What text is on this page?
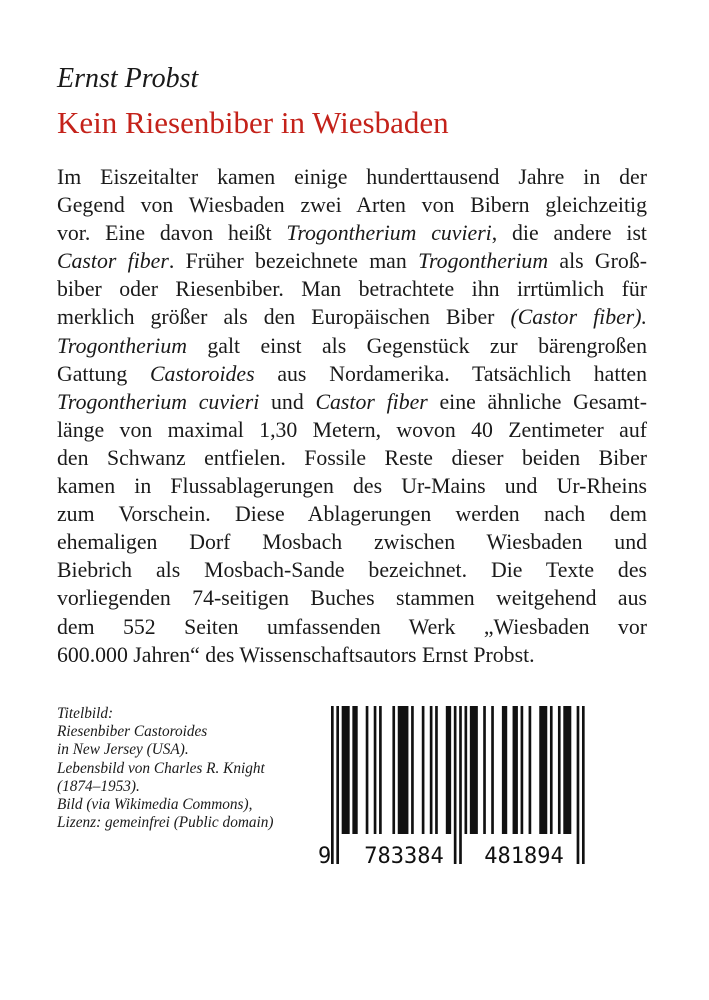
Ernst Probst
Kein Riesenbiber in Wiesbaden
Im Eiszeitalter kamen einige hunderttausend Jahre in der
Gegend von Wiesbaden zwei Arten von Bibern gleichzeitig
vor. Eine davon heißt Trogontherium cuvieri, die andere ist
Castor fiber. Früher bezeichnete man Trogontherium als Groß-
biber oder Riesenbiber. Man betrachtete ihn irrtümlich für
merklich größer als den Europäischen Biber (Castor fiber).
Trogontherium galt einst als Gegenstück zur bärengroßen
Gattung Castoroides aus Nordamerika. Tatsächlich hatten
Trogontherium cuvieri und Castor fiber eine ähnliche Gesamt-
länge von maximal 1,30 Metern, wovon 40 Zentimeter auf
den Schwanz entfielen. Fossile Reste dieser beiden Biber
kamen in Flussablagerungen des Ur-Mains und Ur-Rheins
zum Vorschein. Diese Ablagerungen werden nach dem
ehemaligen Dorf Mosbach zwischen Wiesbaden und
Biebrich als Mosbach-Sande bezeichnet. Die Texte des
vorliegenden 74-seitigen Buches stammen weitgehend aus
dem 552 Seiten umfassenden Werk „Wiesbaden vor
600.000 Jahren“ des Wissenschaftsautors Ernst Probst.
Titelbild:
Riesenbiber Castoroides
in New Jersey (USA).
Lebensbild von Charles R. Knight
(1874–1953).
Bild (via Wikimedia Commons),
Lizenz: gemeinfrei (Public domain)
9 783384 481894
